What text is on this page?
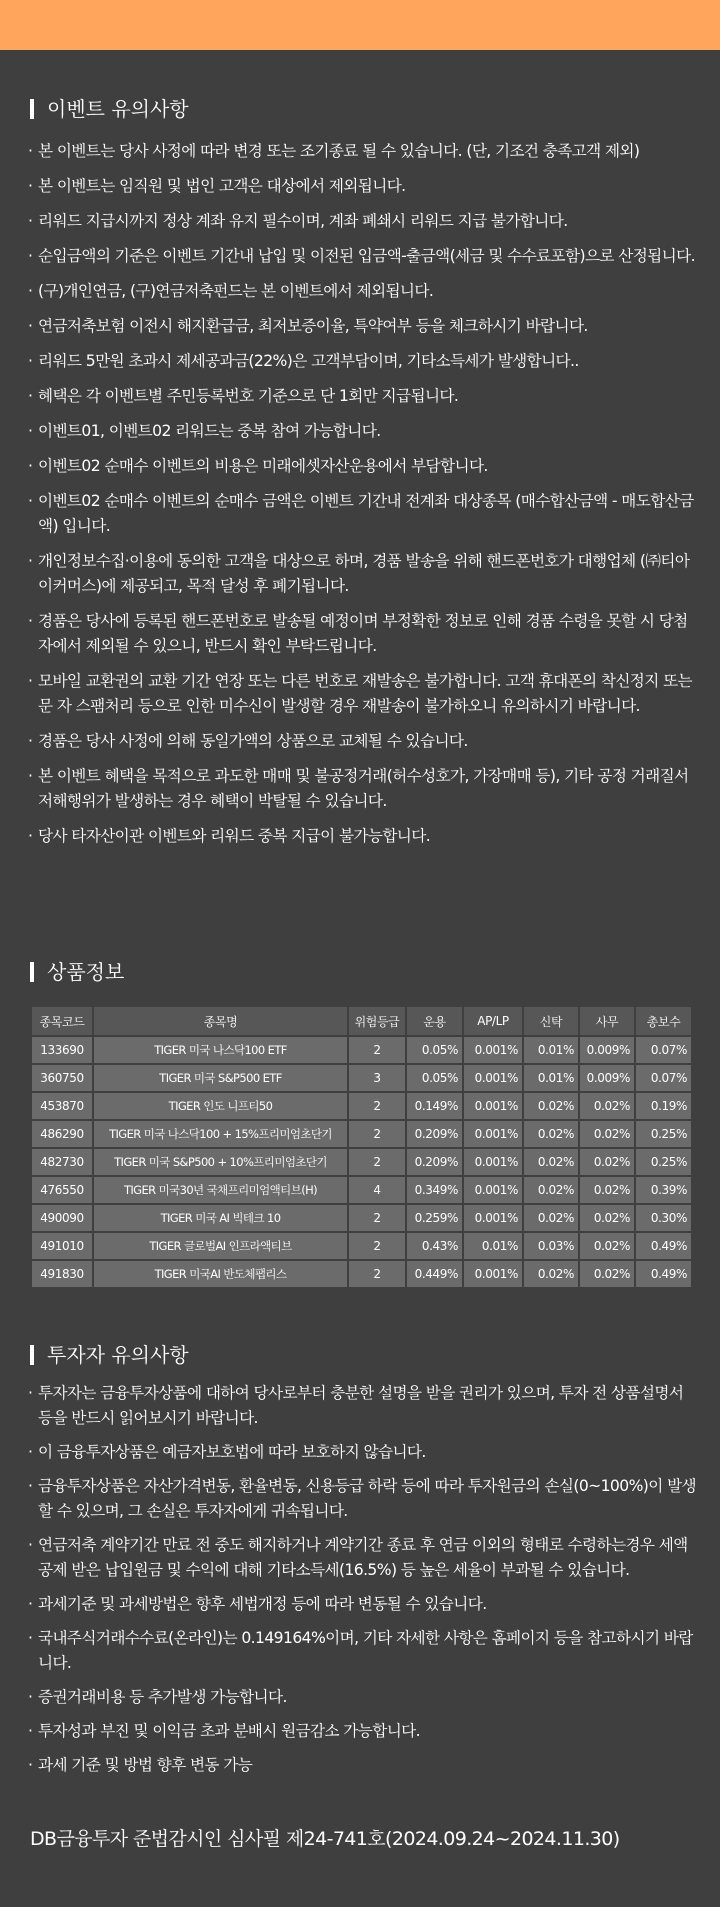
이벤트 유의사항
· 본 이벤트는 당사 사정에 따라 변경 또는 조기종료 될 수 있습니다. (단, 기조건 충족고객 제외)
· 본 이벤트는 임직원 및 법인 고객은 대상에서 제외됩니다.
· 리워드 지급시까지 정상 계좌 유지 필수이며, 계좌 폐쇄시 리워드 지급 불가합니다.
· 순입금액의 기준은 이벤트 기간내 납입 및 이전된 입금액-출금액(세금 및 수수료포함)으로 산정됩니다.
· (구)개인연금, (구)연금저축펀드는 본 이벤트에서 제외됩니다.
· 연금저축보험 이전시 해지환급금, 최저보증이율, 특약여부 등을 체크하시기 바랍니다.
· 리워드 5만원 초과시 제세공과금(22%)은 고객부담이며, 기타소득세가 발생합니다..
· 혜택은 각 이벤트별 주민등록번호 기준으로 단 1회만 지급됩니다.
· 이벤트01, 이벤트02 리워드는 중복 참여 가능합니다.
· 이벤트02 순매수 이벤트의 비용은 미래에셋자산운용에서 부담합니다.
· 이벤트02 순매수 이벤트의 순매수 금액은 이벤트 기간내 전계좌 대상종목 (매수합산금액 - 매도합산금액) 입니다.
· 개인정보수집·이용에 동의한 고객을 대상으로 하며, 경품 발송을 위해 핸드폰번호가 대행업체 (㈜티아이커머스)에 제공되고, 목적 달성 후 폐기됩니다.
· 경품은 당사에 등록된 핸드폰번호로 발송될 예정이며 부정확한 정보로 인해 경품 수령을 못할 시 당첨자에서 제외될 수 있으니, 반드시 확인 부탁드립니다.
· 모바일 교환권의 교환 기간 연장 또는 다른 번호로 재발송은 불가합니다. 고객 휴대폰의 착신정지 또는 문 자 스팸처리 등으로 인한 미수신이 발생할 경우 재발송이 불가하오니 유의하시기 바랍니다.
· 경품은 당사 사정에 의해 동일가액의 상품으로 교체될 수 있습니다.
· 본 이벤트 혜택을 목적으로 과도한 매매 및 불공정거래(허수성호가, 가장매매 등), 기타 공정 거래질서 저해행위가 발생하는 경우 혜택이 박탈될 수 있습니다.
· 당사 타자산이관 이벤트와 리워드 중복 지급이 불가능합니다.
상품정보
종목코드	종목명	위험등급	운용	AP/LP	신탁	사무	총보수
133690	TIGER 미국 나스닥100 ETF	2	0.05%	0.001%	0.01%	0.009%	0.07%
360750	TIGER 미국 S&P500 ETF	3	0.05%	0.001%	0.01%	0.009%	0.07%
453870	TIGER 인도 니프티50	2	0.149%	0.001%	0.02%	0.02%	0.19%
486290	TIGER 미국 나스닥100 + 15%프리미엄초단기	2	0.209%	0.001%	0.02%	0.02%	0.25%
482730	TIGER 미국 S&P500 + 10%프리미엄초단기	2	0.209%	0.001%	0.02%	0.02%	0.25%
476550	TIGER 미국30년 국채프리미엄액티브(H)	4	0.349%	0.001%	0.02%	0.02%	0.39%
490090	TIGER 미국 AI 빅테크 10	2	0.259%	0.001%	0.02%	0.02%	0.30%
491010	TIGER 글로벌AI 인프라액티브	2	0.43%	0.01%	0.03%	0.02%	0.49%
491830	TIGER 미국AI 반도체팹리스	2	0.449%	0.001%	0.02%	0.02%	0.49%
투자자 유의사항
· 투자자는 금융투자상품에 대하여 당사로부터 충분한 설명을 받을 권리가 있으며, 투자 전 상품설명서 등을 반드시 읽어보시기 바랍니다.
· 이 금융투자상품은 예금자보호법에 따라 보호하지 않습니다.
· 금융투자상품은 자산가격변동, 환율변동, 신용등급 하락 등에 따라 투자원금의 손실(0~100%)이 발생할 수 있으며, 그 손실은 투자자에게 귀속됩니다.
· 연금저축 계약기간 만료 전 중도 해지하거나 계약기간 종료 후 연금 이외의 형태로 수령하는경우 세액공제 받은 납입원금 및 수익에 대해 기타소득세(16.5%) 등 높은 세율이 부과될 수 있습니다.
· 과세기준 및 과세방법은 향후 세법개정 등에 따라 변동될 수 있습니다.
· 국내주식거래수수료(온라인)는 0.149164%이며, 기타 자세한 사항은 홈페이지 등을 참고하시기 바랍니다.
· 증권거래비용 등 추가발생 가능합니다.
· 투자성과 부진 및 이익금 초과 분배시 원금감소 가능합니다.
· 과세 기준 및 방법 향후 변동 가능
DB금융투자 준법감시인 심사필 제24-741호(2024.09.24~2024.11.30)
